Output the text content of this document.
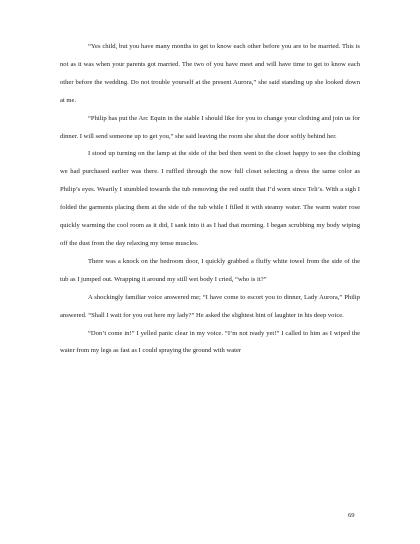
“Yes child, but you have many months to get to know each other before you are to be married. This is not as it was when your parents got married. The two of you have meet and will have time to get to know each other before the wedding. Do not trouble yourself at the present Aurora,” she said standing up she looked down at me.

“Philip has put the Arc Equin in the stable I should like for you to change your clothing and join us for dinner. I will send someone up to get you,” she said leaving the room she shut the door softly behind her.

I stood up turning on the lamp at the side of the bed then went to the closet happy to see the clothing we had purchased earlier was there. I ruffled through the now full closet selecting a dress the same color as Philip’s eyes. Wearily I stumbled towards the tub removing the red outfit that I’d worn since Teli’s. With a sigh I folded the garments placing them at the side of the tub while I filled it with steamy water. The warm water rose quickly warming the cool room as it did, I sank into it as I had that morning. I began scrubbing my body wiping off the dust from the day relaxing my tense muscles.

There was a knock on the bedroom door, I quickly grabbed a fluffy white towel from the side of the tub as I jumped out. Wrapping it around my still wet body I cried, “who is it?”

A shockingly familiar voice answered me; “I have come to escort you to dinner, Lady Aurora,” Philip answered. “Shall I wait for you out here my lady?” He asked the slightest hint of laughter in his deep voice.

“Don’t come in!” I yelled panic clear in my voice. “I’m not ready yet!” I called to him as I wiped the water from my legs as fast as I could spraying the ground with water

69
